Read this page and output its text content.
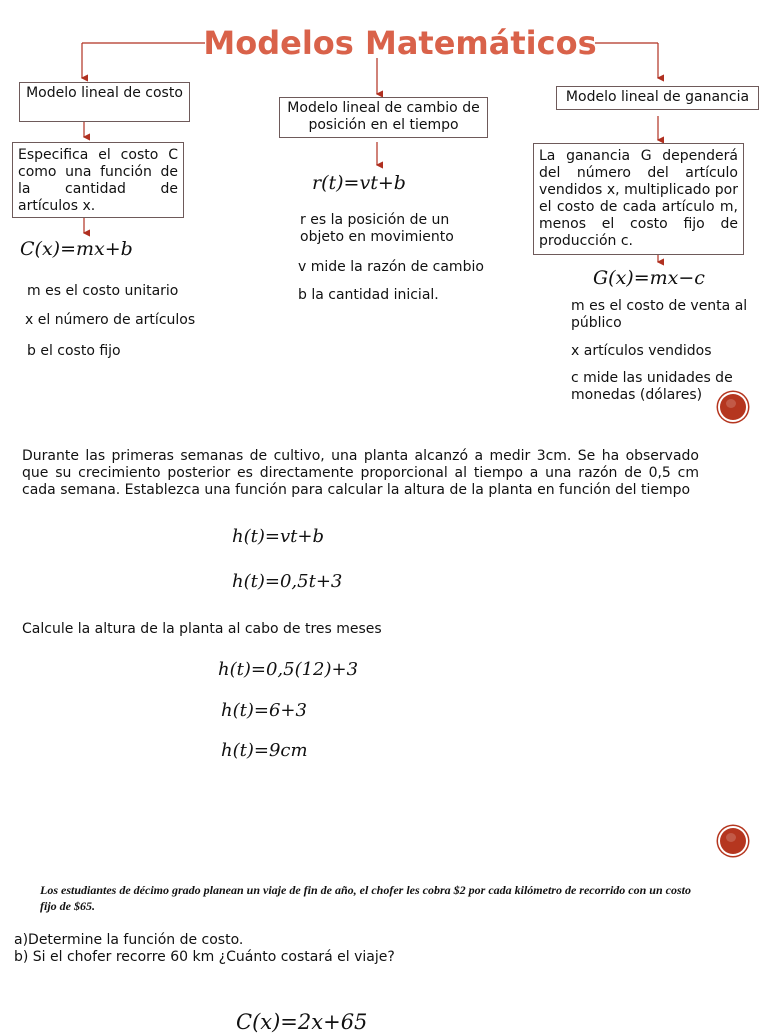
Modelos Matemáticos
Modelo lineal de costo
Especifica el costo C como una función de la cantidad de artículos x.
C(x)=mx+b
m es el costo unitario
x el número de artículos
b el costo fijo
Modelo lineal de cambio de posición en el tiempo
r(t)=vt+b
r es la posición de un objeto en movimiento
v mide la razón de cambio
b la cantidad inicial.
Modelo lineal de ganancia
La ganancia G dependerá del número del artículo vendidos x, multiplicado por el costo de cada artículo m, menos el costo fijo de producción c.
G(x)=mx−c
m es el costo de venta al público
x artículos vendidos
c mide las unidades de monedas (dólares)
Durante las primeras semanas de cultivo, una planta alcanzó a medir 3cm. Se ha observado que su crecimiento posterior es directamente proporcional al tiempo a una razón de 0,5 cm cada semana. Establezca una función para calcular la altura de la planta en función del tiempo
h(t)=vt+b
h(t)=0,5t+3
Calcule la altura de la planta al cabo de tres meses
h(t)=0,5(12)+3
h(t)=6+3
h(t)=9cm
Los estudiantes de décimo grado planean un viaje de fin de año, el chofer les cobra $2 por cada kilómetro de recorrido con un costo fijo de $65.
a)Determine la función de costo.
b) Si el chofer recorre 60 km ¿Cuánto costará el viaje?
C(x)=2x+65
